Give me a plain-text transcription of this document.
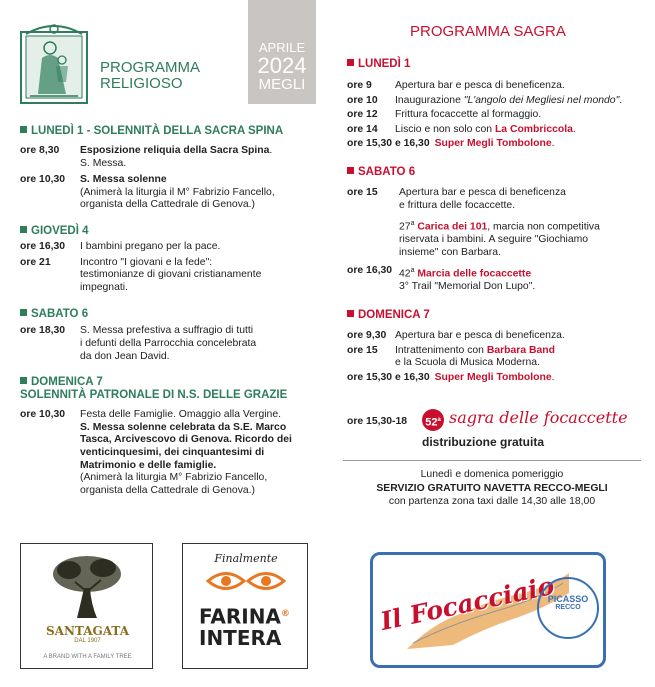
PROGRAMMA
RELIGIOSO
APRILE
2024
MEGLI
PROGRAMMA SAGRA
LUNEDÌ 1 - SOLENNITÀ DELLA SACRA SPINA
ore 8,30	Esposizione reliquia della Sacra Spina.
S. Messa.
ore 10,30	S. Messa solenne
(Animerà la liturgia il M° Fabrizio Fancello,
organista della Cattedrale di Genova.)
GIOVEDÌ 4
ore 16,30	I bambini pregano per la pace.
ore 21	Incontro "I giovani e la fede":
testimonianze di giovani cristianamente
impegnati.
SABATO 6
ore 18,30	S. Messa prefestiva a suffragio di tutti
i defunti della Parrocchia concelebrata
da don Jean David.
DOMENICA 7
SOLENNITÀ PATRONALE DI N.S. DELLE GRAZIE
ore 10,30	Festa delle Famiglie. Omaggio alla Vergine.
S. Messa solenne celebrata da S.E. Marco
Tasca, Arcivescovo di Genova. Ricordo dei
venticinquesimi, dei cinquantesimi di
Matrimonio e delle famiglie.
(Animerà la liturgia M° Fabrizio Fancello,
organista della Cattedrale di Genova.)
LUNEDÌ 1
ore 9	Apertura bar e pesca di beneficenza.
ore 10	Inaugurazione "L'angolo dei Megliesi nel mondo".
ore 12	Frittura focaccette al formaggio.
ore 14	Liscio e non solo con La Combriccola.
ore 15,30 e 16,30 Super Megli Tombolone.
SABATO 6
ore 15	Apertura bar e pesca di beneficenza
e frittura delle focaccette.
27$^a$ Carica dei 101, marcia non competitiva
riservata i bambini. A seguire "Giochiamo
insieme" con Barbara.
ore 16,30 42$^a$ Marcia delle focaccette
3° Trail "Memorial Don Lupo".
DOMENICA 7
ore 9,30 Apertura bar e pesca di beneficenza.
ore 15	Intrattenimento con Barbara Band
e la Scuola di Musica Moderna.
ore 15,30 e 16,30 Super Megli Tombolone.
ore 15,30-18 52$^a$ sagra delle focaccette
distribuzione gratuita
Lunedì e domenica pomeriggio
SERVIZIO GRATUITO NAVETTA RECCO-MEGLI
con partenza zona taxi dalle 14,30 alle 18,00
SANTAGATA
DAL 1907
A BRAND WITH A FAMILY TREE
Finalmente
FARINA®
INTERA
Il Focacciaio
PICASSO
RECCO
